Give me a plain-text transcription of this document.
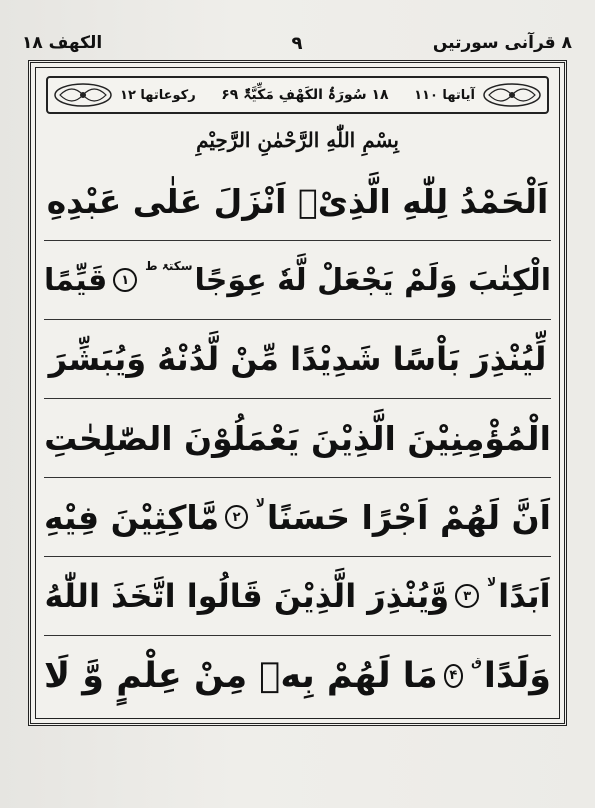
۸ قرآنی سورتیں
۹
الکھف ۱۸
آیاتھا ۱۱۰
۱۸ سُورَۃُ الکَھْفِ مَکِّیَّۃٌ ۶۹
رکوعاتھا ۱۲
بِسْمِ اللّٰهِ الرَّحْمٰنِ الرَّحِيْمِ
اَلْحَمْدُ لِلّٰهِ الَّذِیْۤ اَنْزَلَ عَلٰی عَبْدِهِ
الْكِتٰبَ وَلَمْ يَجْعَلْ لَّهٗ عِوَجًا
سکتۃ ط
۱
قَيِّمًا
لِّيُنْذِرَ بَاْسًا شَدِيْدًا مِّنْ لَّدُنْهُ وَيُبَشِّرَ
الْمُؤْمِنِيْنَ الَّذِيْنَ يَعْمَلُوْنَ الصّٰلِحٰتِ
اَنَّ لَهُمْ اَجْرًا حَسَنًا
لا
۲
مَّاكِثِيْنَ فِيْهِ
اَبَدًا
لا
۳
وَّيُنْذِرَ الَّذِيْنَ قَالُوا اتَّخَذَ اللّٰهُ
وَلَدًا
ق
۴
مَا لَهُمْ بِهٖ مِنْ عِلْمٍ وَّ لَا
